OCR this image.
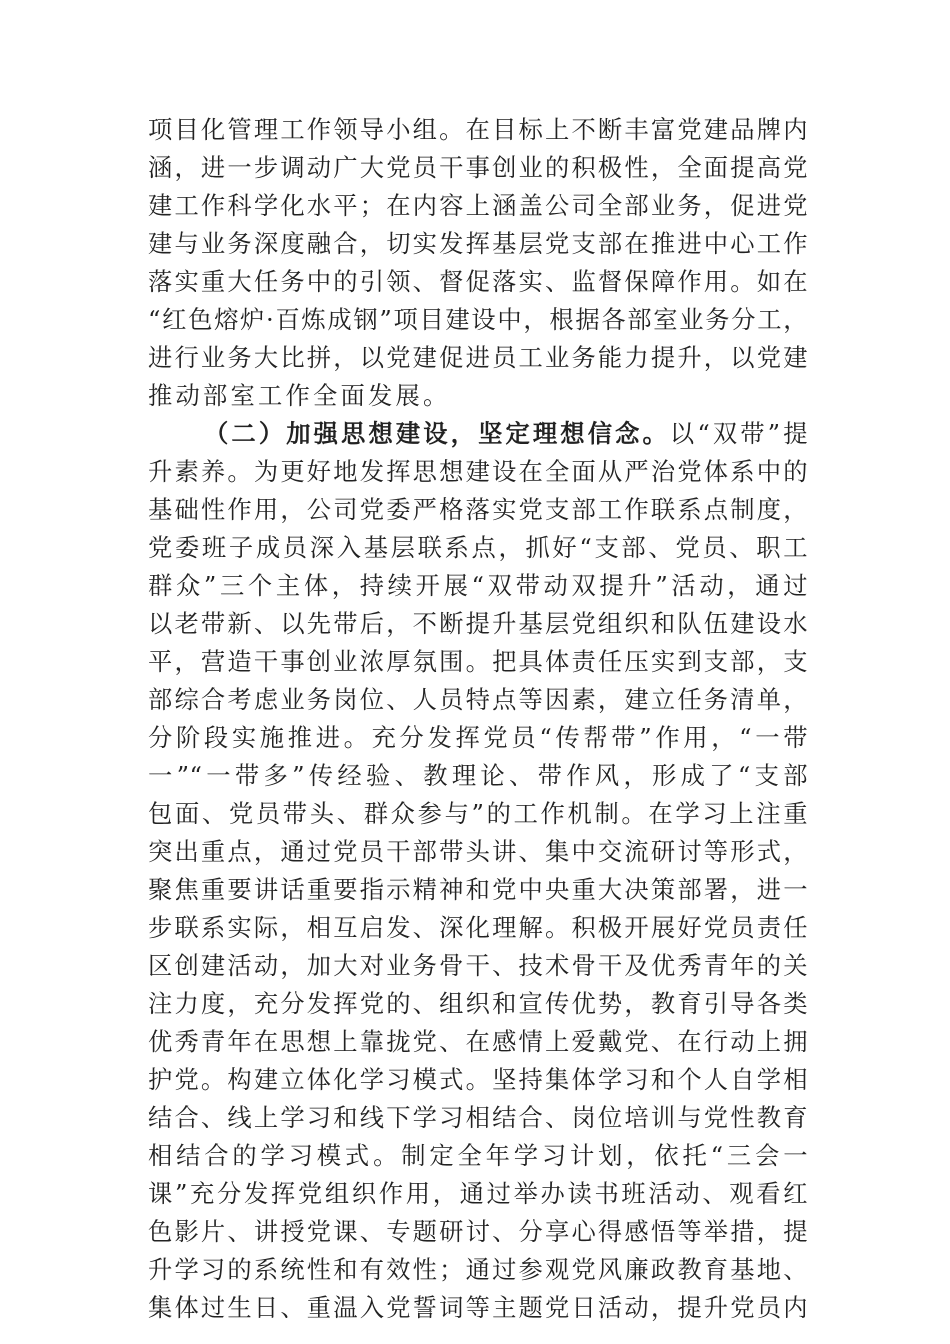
项目化管理工作领导小组。在目标上不断丰富党建品牌内
涵，进一步调动广大党员干事创业的积极性，全面提高党
建工作科学化水平；在内容上涵盖公司全部业务，促进党
建与业务深度融合，切实发挥基层党支部在推进中心工作
落实重大任务中的引领、督促落实、监督保障作用。如在
“红色熔炉·百炼成钢”项目建设中，根据各部室业务分工，
进行业务大比拼，以党建促进员工业务能力提升，以党建
推动部室工作全面发展。
（二）加强思想建设，坚定理想信念。以“双带”提
升素养。为更好地发挥思想建设在全面从严治党体系中的
基础性作用，公司党委严格落实党支部工作联系点制度，
党委班子成员深入基层联系点，抓好“支部、党员、职工
群众”三个主体，持续开展“双带动双提升”活动，通过
以老带新、以先带后，不断提升基层党组织和队伍建设水
平，营造干事创业浓厚氛围。把具体责任压实到支部，支
部综合考虑业务岗位、人员特点等因素，建立任务清单，
分阶段实施推进。充分发挥党员“传帮带”作用，“一带
一”“一带多”传经验、教理论、带作风，形成了“支部
包面、党员带头、群众参与”的工作机制。在学习上注重
突出重点，通过党员干部带头讲、集中交流研讨等形式，
聚焦重要讲话重要指示精神和党中央重大决策部署，进一
步联系实际，相互启发、深化理解。积极开展好党员责任
区创建活动，加大对业务骨干、技术骨干及优秀青年的关
注力度，充分发挥党的、组织和宣传优势，教育引导各类
优秀青年在思想上靠拢党、在感情上爱戴党、在行动上拥
护党。构建立体化学习模式。坚持集体学习和个人自学相
结合、线上学习和线下学习相结合、岗位培训与党性教育
相结合的学习模式。制定全年学习计划，依托“三会一
课”充分发挥党组织作用，通过举办读书班活动、观看红
色影片、讲授党课、专题研讨、分享心得感悟等举措，提
升学习的系统性和有效性；通过参观党风廉政教育基地、
集体过生日、重温入党誓词等主题党日活动，提升党员内
